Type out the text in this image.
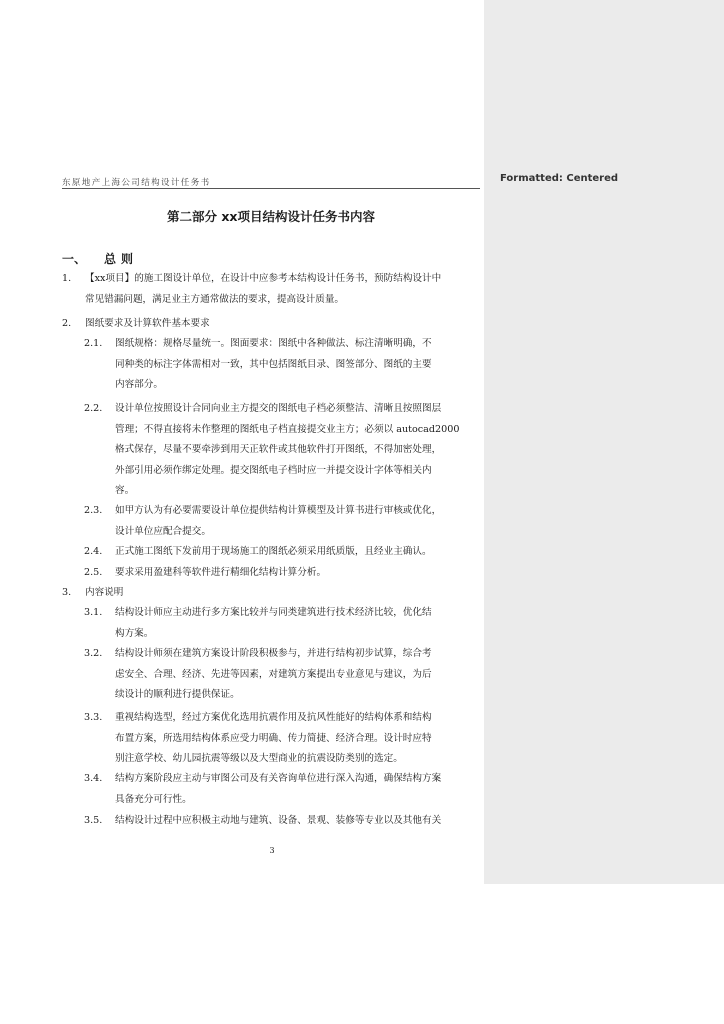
东原地产上海公司结构设计任务书
第二部分 xx项目结构设计任务书内容
一、 总则
1. 【xx项目】的施工图设计单位，在设计中应参考本结构设计任务书，预防结构设计中
常见错漏问题，满足业主方通常做法的要求，提高设计质量。
2. 图纸要求及计算软件基本要求
2.1. 图纸规格：规格尽量统一。图面要求：图纸中各种做法、标注清晰明确，不
同种类的标注字体需相对一致，其中包括图纸目录、图签部分、图纸的主要
内容部分。
2.2. 设计单位按照设计合同向业主方提交的图纸电子档必须整洁、清晰且按照图层
管理；不得直接将未作整理的图纸电子档直接提交业主方；必须以 autocad2000
格式保存，尽量不要牵涉到用天正软件或其他软件打开图纸，不得加密处理，
外部引用必须作绑定处理。提交图纸电子档时应一并提交设计字体等相关内
容。
2.3. 如甲方认为有必要需要设计单位提供结构计算模型及计算书进行审核或优化，
设计单位应配合提交。
2.4. 正式施工图纸下发前用于现场施工的图纸必须采用纸质版，且经业主确认。
2.5. 要求采用盈建科等软件进行精细化结构计算分析。
3. 内容说明
3.1. 结构设计师应主动进行多方案比较并与同类建筑进行技术经济比较，优化结
构方案。
3.2. 结构设计师须在建筑方案设计阶段积极参与，并进行结构初步试算，综合考
虑安全、合理、经济、先进等因素，对建筑方案提出专业意见与建议，为后
续设计的顺利进行提供保证。
3.3. 重视结构选型，经过方案优化选用抗震作用及抗风性能好的结构体系和结构
布置方案，所选用结构体系应受力明确、传力简捷、经济合理。设计时应特
别注意学校、幼儿园抗震等级以及大型商业的抗震设防类别的选定。
3.4. 结构方案阶段应主动与审图公司及有关咨询单位进行深入沟通，确保结构方案
具备充分可行性。
3.5. 结构设计过程中应积极主动地与建筑、设备、景观、装修等专业以及其他有关
3
Formatted: Centered
